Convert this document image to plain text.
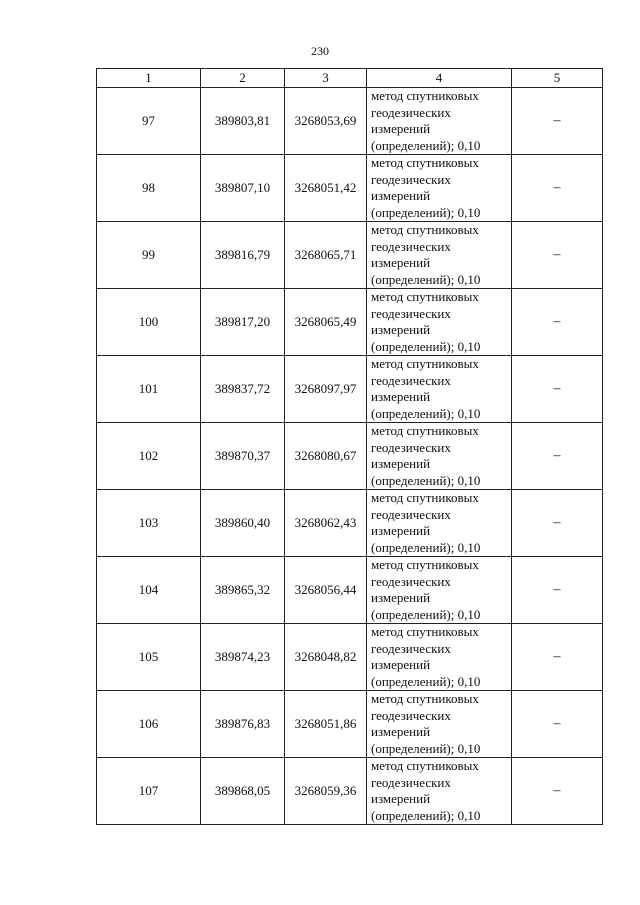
230
1	2	3	4	5
97	389803,81	3268053,69	метод спутниковых
геодезических
измерений
(определений); 0,10	–
98	389807,10	3268051,42	метод спутниковых
геодезических
измерений
(определений); 0,10	–
99	389816,79	3268065,71	метод спутниковых
геодезических
измерений
(определений); 0,10	–
100	389817,20	3268065,49	метод спутниковых
геодезических
измерений
(определений); 0,10	–
101	389837,72	3268097,97	метод спутниковых
геодезических
измерений
(определений); 0,10	–
102	389870,37	3268080,67	метод спутниковых
геодезических
измерений
(определений); 0,10	–
103	389860,40	3268062,43	метод спутниковых
геодезических
измерений
(определений); 0,10	–
104	389865,32	3268056,44	метод спутниковых
геодезических
измерений
(определений); 0,10	–
105	389874,23	3268048,82	метод спутниковых
геодезических
измерений
(определений); 0,10	–
106	389876,83	3268051,86	метод спутниковых
геодезических
измерений
(определений); 0,10	–
107	389868,05	3268059,36	метод спутниковых
геодезических
измерений
(определений); 0,10	–
